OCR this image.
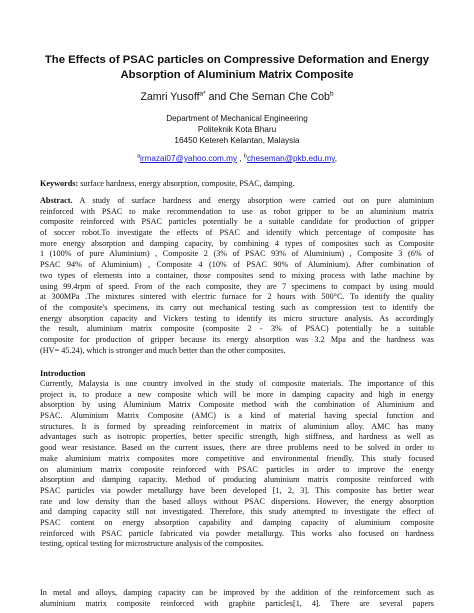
The Effects of PSAC particles on Compressive Deformation and Energy
Absorption of Aluminium Matrix Composite
Zamri Yusoff$^{a*}$ and Che Seman Che Cob$^b$
Department of Mechanical Engineering
Politeknik Kota Bharu
16450 Ketereh Kelantan, Malaysia
$^a$irmazai07@yahoo.com.my , $^b$cheseman@pkb.edu.my,
Keywords: surface hardness, energy absorption, composite, PSAC, damping.
Abstract. A study of surface hardness and energy absorption were carried out on pure aluminium
reinforced with PSAC to make recommendation to use as robot gripper to be an aluminium matrix
composite reinforced with PSAC particles potentially be a suitable candidate for production of gripper
of soccer robot.To investigate the effects of PSAC and identify which percentage of composite has
more energy absorption and damping capacity, by combining 4 types of composites such as Composite
1 (100% of pure Aluminium) , Composite 2 (3% of PSAC 93% of Aluminium) , Composite 3 (6% of
PSAC 94% of Aluminium) , Composite 4 (10% of PSAC 90% of Aluminium). After combination of
two types of elements into a container, those composites send to mixing process with lathe machine by
using 99.4rpm of speed. From of the each composite, they are 7 specimens to compact by using mould
at 300MPa .The mixtures sintered with electric furnace for 2 hours with 500°C. To identify the quality
of the composite's specimens, its carry out mechanical testing such as compression test to identify the
energy absorption capacity and Vickers testing to identify its micro structure analysis. As accordingly
the result, aluminium matrix composite (composite 2 - 3% of PSAC) potentially be a suitable
composite for production of gripper because its energy absorption was 3.2 Mpa and the hardness was
(HV= 45.24), which is stronger and much better than the other composites.
Introduction
Currently, Malaysia is one country involved in the study of composite materials. The importance of this
project is, to produce a new composite which will be more in damping capacity and high in energy
absorption by using Aluminium Matrix Composite method with the combination of Aluminium and
PSAC. Aluminium Matrix Composite (AMC) is a kind of material having special function and
structures. It is formed by spreading reinforcement in matrix of aluminium alloy. AMC has many
advantages such as isotropic properties, better specific strength, high stiffness, and hardness as well as
good wear resistance. Based on the current issues, there are three problems need to be solved in order to
make aluminium matrix composites more competitive and environmental friendly. This study focused
on aluminium matrix composite reinforced with PSAC particles in order to improve the energy
absorption and damping capacity. Method of producing aluminium matrix composite reinforced with
PSAC particles via powder metallurgy have been developed [1, 2, 3]. This composite has better wear
rate and low density than the based alloys without PSAC dispersions. However, the energy absorption
and damping capacity still not investigated. Therefore, this study attempted to investigate the effect of
PSAC content on energy absorption capability and damping capacity of aluminium composite
reinforced with PSAC particle fabricated via powder metallurgy. This works also focused on hardness
testing, optical testing for microstructure analysis of the composites.
In metal and alloys, damping capacity can be improved by the addition of the reinforcement such as
aluminium matrix composite reinforced with graphite particles[1, 4]. There are several papers
